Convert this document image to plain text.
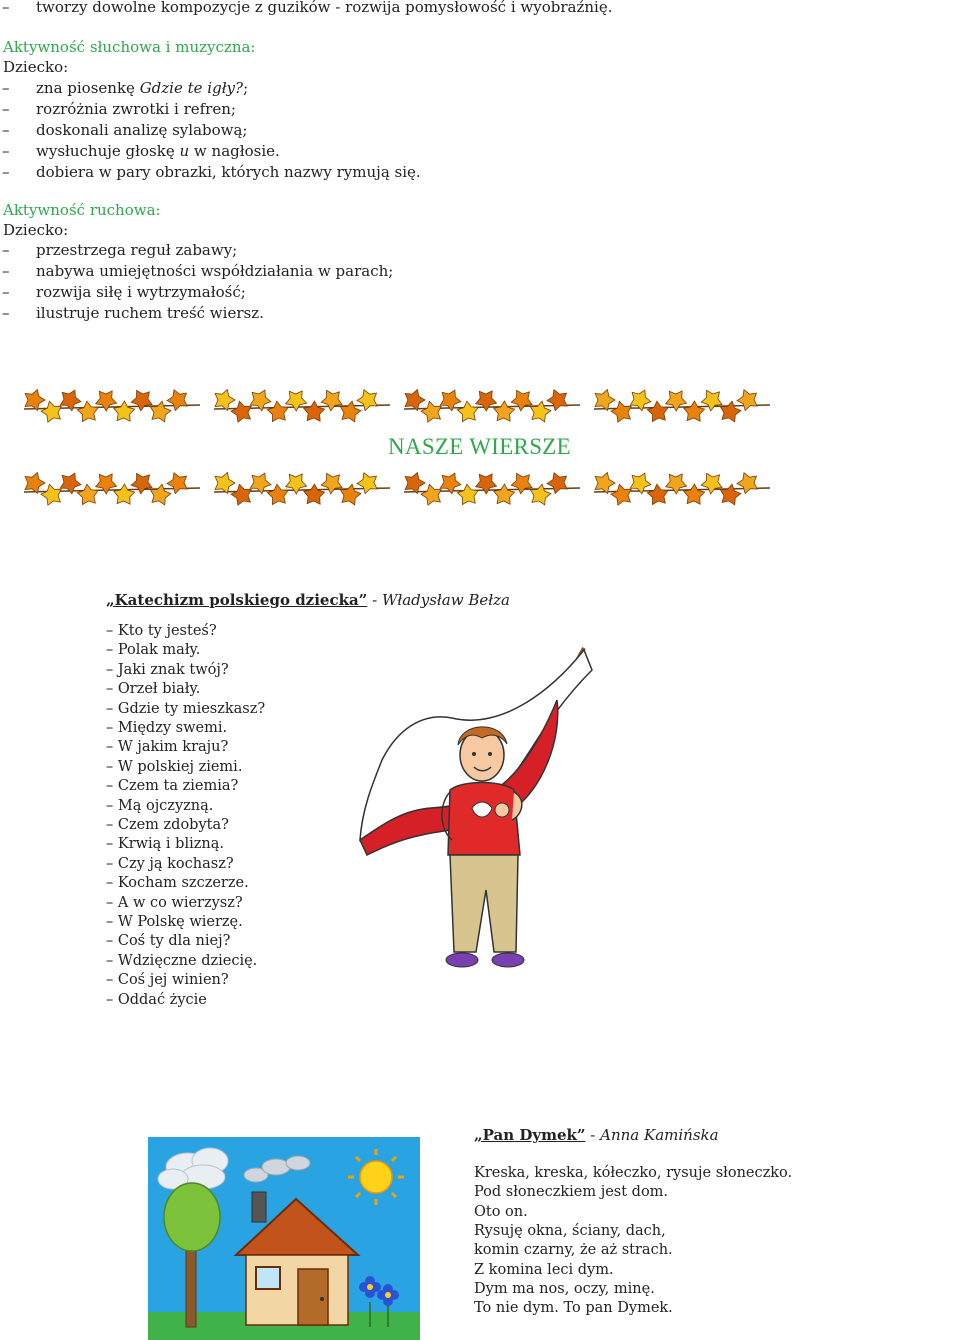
–	tworzy dowolne kompozycje z guzików - rozwija pomysłowość i wyobraźnię.
Aktywność słuchowa i muzyczna:
Dziecko:
–	zna piosenkę Gdzie te igły?;
–	rozróżnia zwrotki i refren;
–	doskonali analizę sylabową;
–	wysłuchuje głoskę u w nagłosie.
–	dobiera w pary obrazki, których nazwy rymują się.
Aktywność ruchowa:
Dziecko:
–	przestrzega reguł zabawy;
–	nabywa umiejętności współdziałania w parach;
–	rozwija siłę i wytrzymałość;
–	ilustruje ruchem treść wiersz.
NASZE WIERSZE
„Katechizm polskiego dziecka” - Władysław Bełza
– Kto ty jesteś?
– Polak mały.
– Jaki znak twój?
– Orzeł biały.
– Gdzie ty mieszkasz?
– Między swemi.
– W jakim kraju?
– W polskiej ziemi.
– Czem ta ziemia?
– Mą ojczyzną.
– Czem zdobyta?
– Krwią i blizną.
– Czy ją kochasz?
– Kocham szczerze.
– A w co wierzysz?
– W Polskę wierzę.
– Coś ty dla niej?
– Wdzięczne dziecię.
– Coś jej winien?
– Oddać życie
„Pan Dymek” - Anna Kamińska
Kreska, kreska, kółeczko, rysuje słoneczko.
Pod słoneczkiem jest dom.
Oto on.
Rysuję okna, ściany, dach,
komin czarny, że aż strach.
Z komina leci dym.
Dym ma nos, oczy, minę.
To nie dym. To pan Dymek.
